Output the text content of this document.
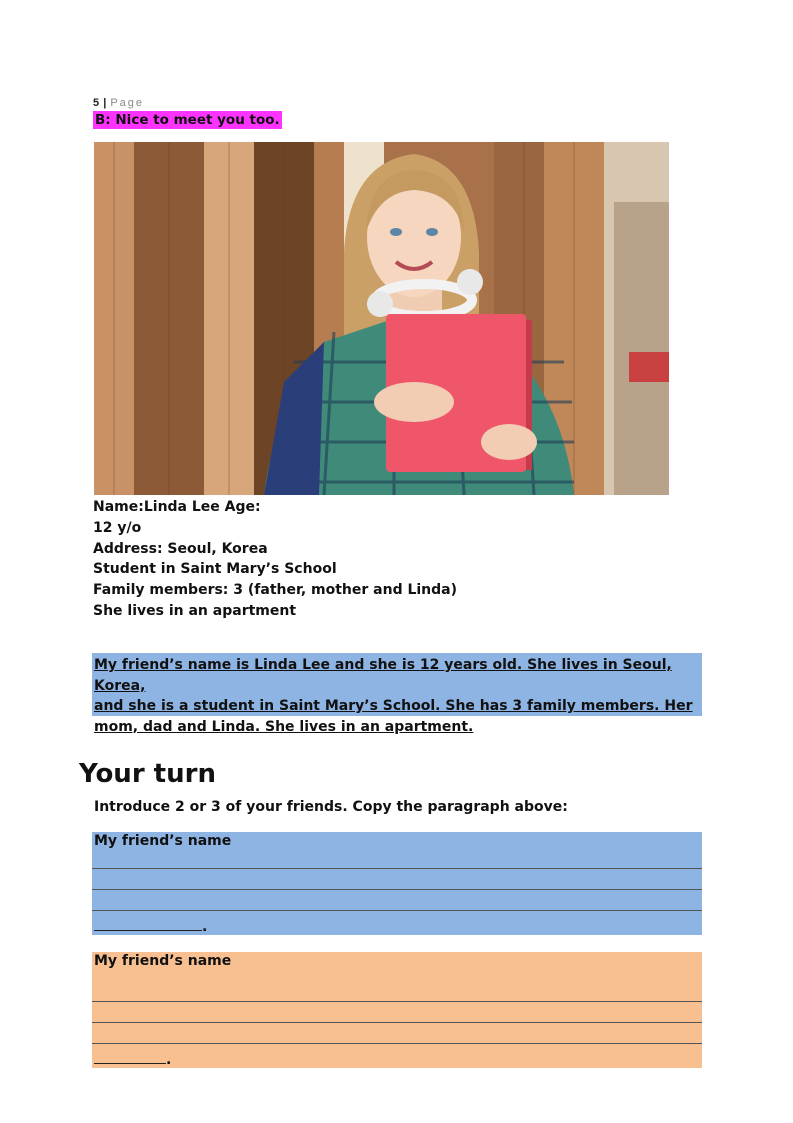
5 | Page
B: Nice to meet you too.
Name:Linda Lee Age:
12 y/o
Address: Seoul, Korea
Student in Saint Mary’s School
Family members: 3 (father, mother and Linda)
She lives in an apartment
My friend’s name is Linda Lee and she is 12 years old. She lives in Seoul, Korea,
and she is a student in Saint Mary’s School. She has 3 family members. Her
mom, dad and Linda. She lives in an apartment.
Your turn
Introduce 2 or 3 of your friends. Copy the paragraph above:
My friend’s name
.
My friend’s name
.
